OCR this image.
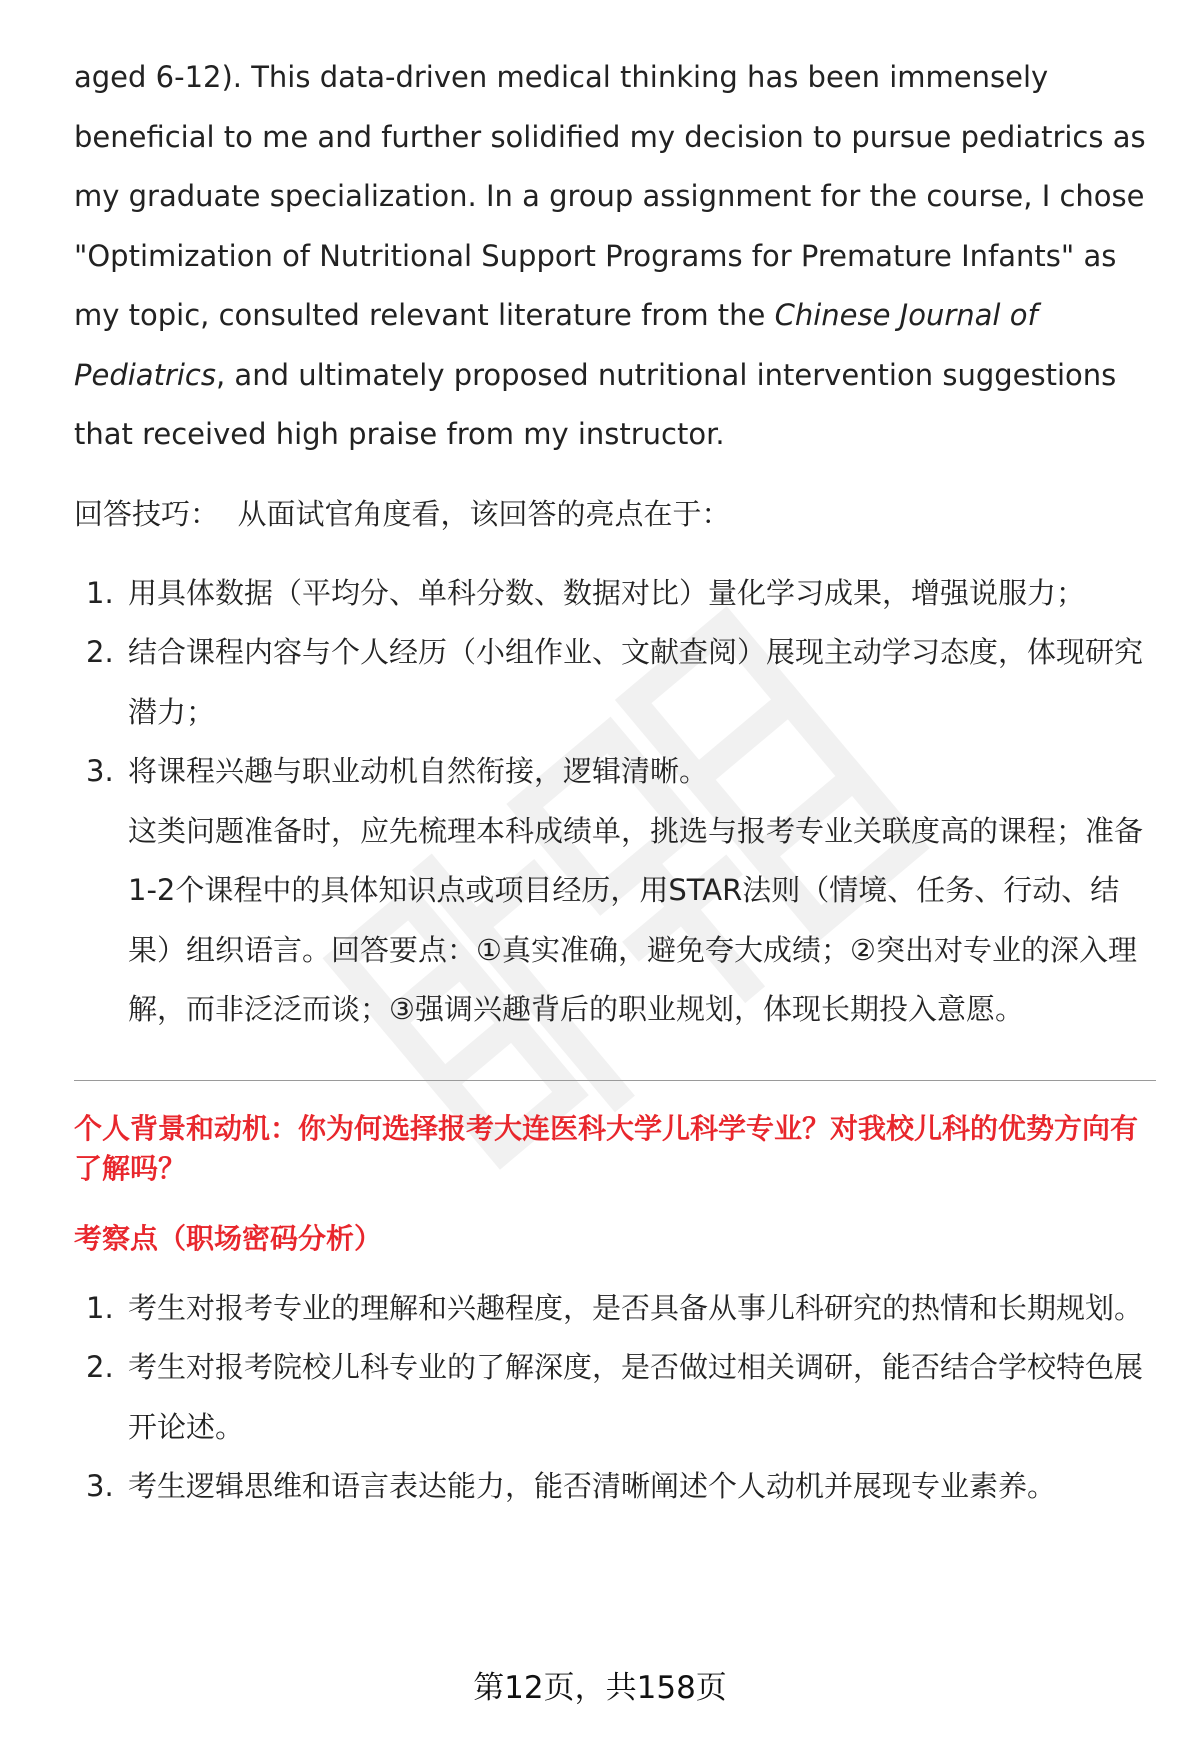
aged 6-12). This data-driven medical thinking has been immensely beneficial to me and further solidified my decision to pursue pediatrics as my graduate specialization. In a group assignment for the course, I chose "Optimization of Nutritional Support Programs for Premature Infants" as my topic, consulted relevant literature from the Chinese Journal of
Pediatrics, and ultimately proposed nutritional intervention suggestions that received high praise from my instructor.

回答技巧： 从面试官角度看，该回答的亮点在于：

1. 用具体数据（平均分、单科分数、数据对比）量化学习成果，增强说服力；
2. 结合课程内容与个人经历（小组作业、文献查阅）展现主动学习态度，体现研究潜力；
3. 将课程兴趣与职业动机自然衔接，逻辑清晰。
这类问题准备时，应先梳理本科成绩单，挑选与报考专业关联度高的课程；准备1-2个课程中的具体知识点或项目经历，用STAR法则（情境、任务、行动、结果）组织语言。回答要点：①真实准确，避免夸大成绩；②突出对专业的深入理解，而非泛泛而谈；③强调兴趣背后的职业规划，体现长期投入意愿。
个人背景和动机：你为何选择报考大连医科大学儿科学专业？对我校儿科的优势方向有了解吗？
考察点（职场密码分析）
1. 考生对报考专业的理解和兴趣程度，是否具备从事儿科研究的热情和长期规划。
2. 考生对报考院校儿科专业的了解深度，是否做过相关调研，能否结合学校特色展开论述。
3. 考生逻辑思维和语言表达能力，能否清晰阐述个人动机并展现专业素养。
第12页，共158页
